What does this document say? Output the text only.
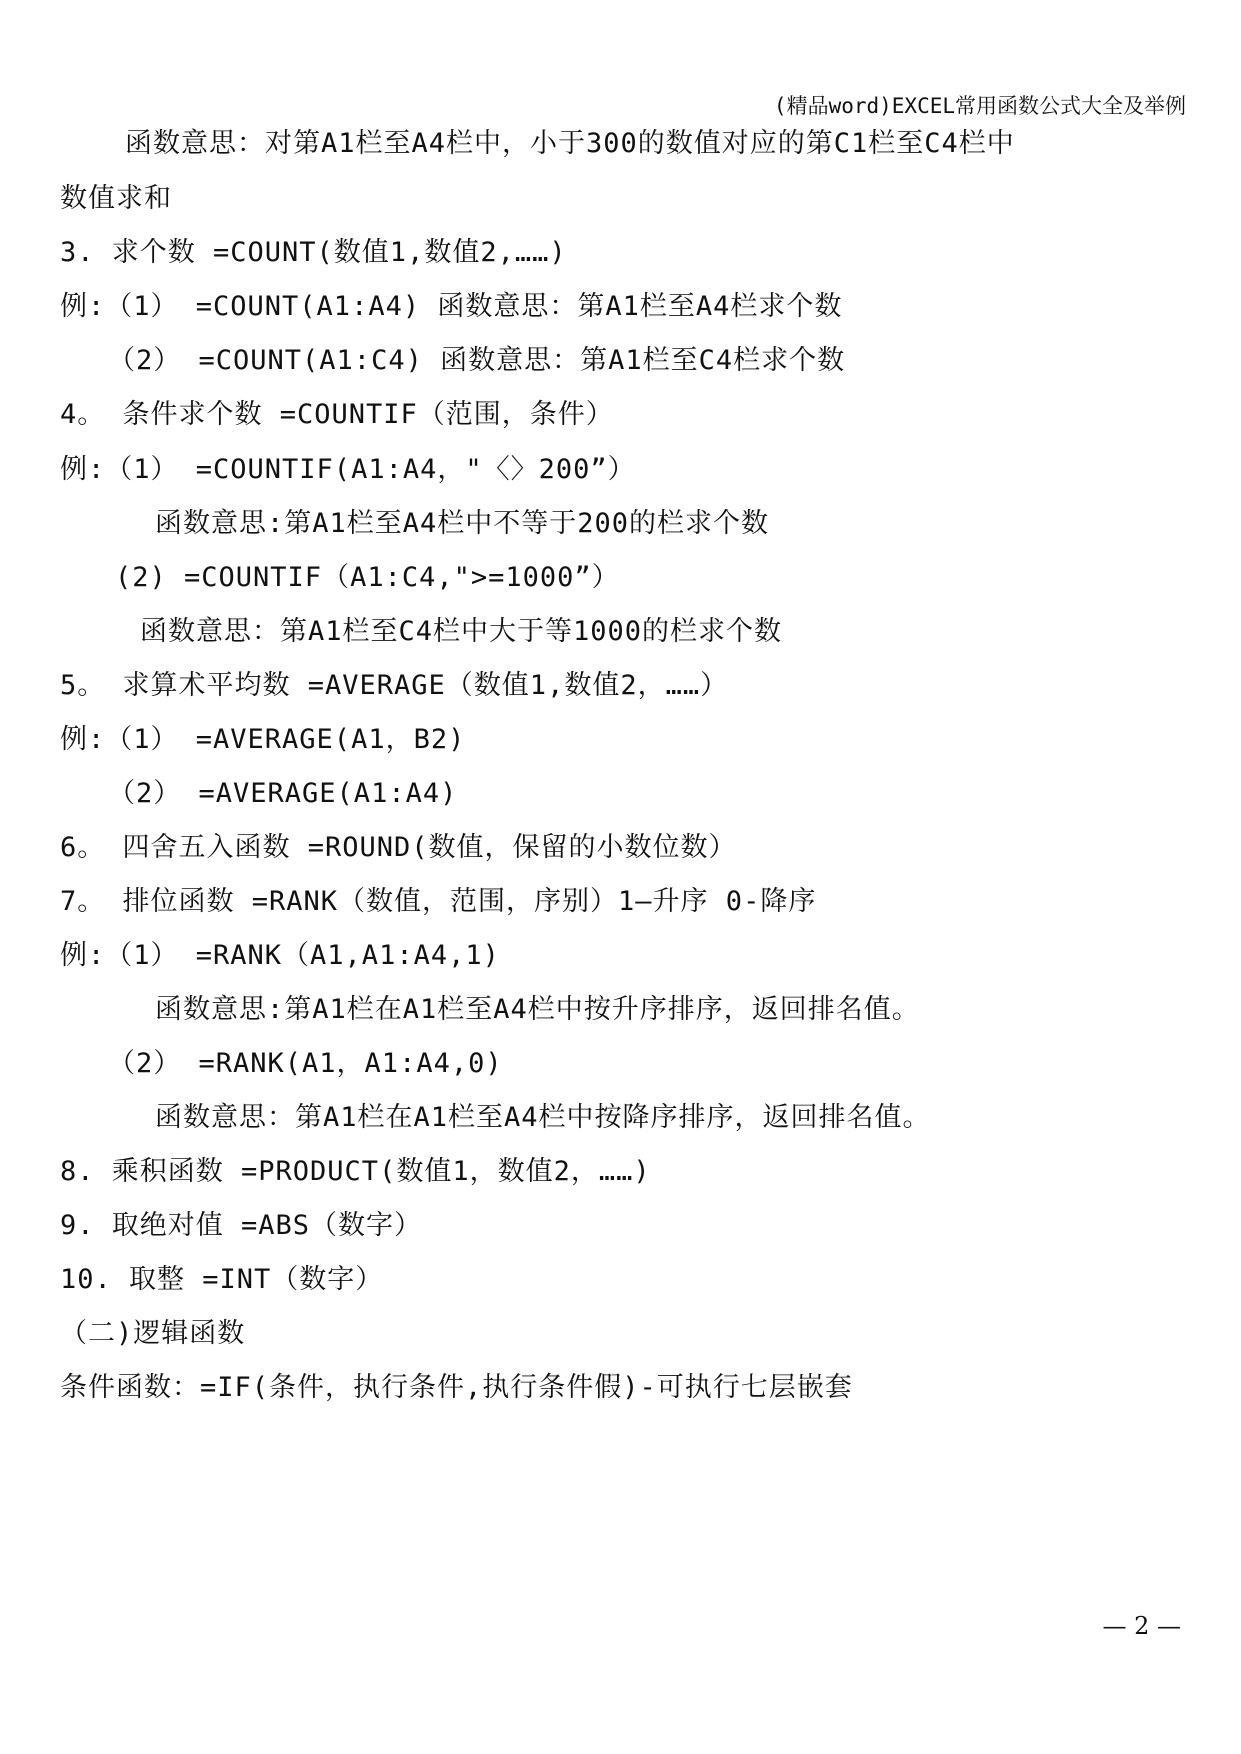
(精品word)EXCEL常用函数公式大全及举例
函数意思：对第A1栏至A4栏中，小于300的数值对应的第C1栏至C4栏中
数值求和
3. 求个数 =COUNT(数值1,数值2,……)
例:（1） =COUNT(A1:A4) 函数意思：第A1栏至A4栏求个数
（2） =COUNT(A1:C4) 函数意思：第A1栏至C4栏求个数
4。 条件求个数 =COUNTIF（范围，条件）
例:（1） =COUNTIF(A1:A4，"〈〉200”）
函数意思:第A1栏至A4栏中不等于200的栏求个数
(2) =COUNTIF（A1:C4,">=1000”）
函数意思：第A1栏至C4栏中大于等1000的栏求个数
5。 求算术平均数 =AVERAGE（数值1,数值2，……）
例:（1） =AVERAGE(A1，B2)
（2） =AVERAGE(A1:A4)
6。 四舍五入函数 =ROUND(数值，保留的小数位数）
7。 排位函数 =RANK（数值，范围，序别）1—升序 0-降序
例:（1） =RANK（A1,A1:A4,1)
函数意思:第A1栏在A1栏至A4栏中按升序排序，返回排名值。
（2） =RANK(A1，A1:A4,0)
函数意思：第A1栏在A1栏至A4栏中按降序排序，返回排名值。
8. 乘积函数 =PRODUCT(数值1，数值2，……)
9. 取绝对值 =ABS（数字）
10. 取整 =INT（数字）
（二)逻辑函数
条件函数：=IF(条件，执行条件,执行条件假)-可执行七层嵌套
— 2 —
